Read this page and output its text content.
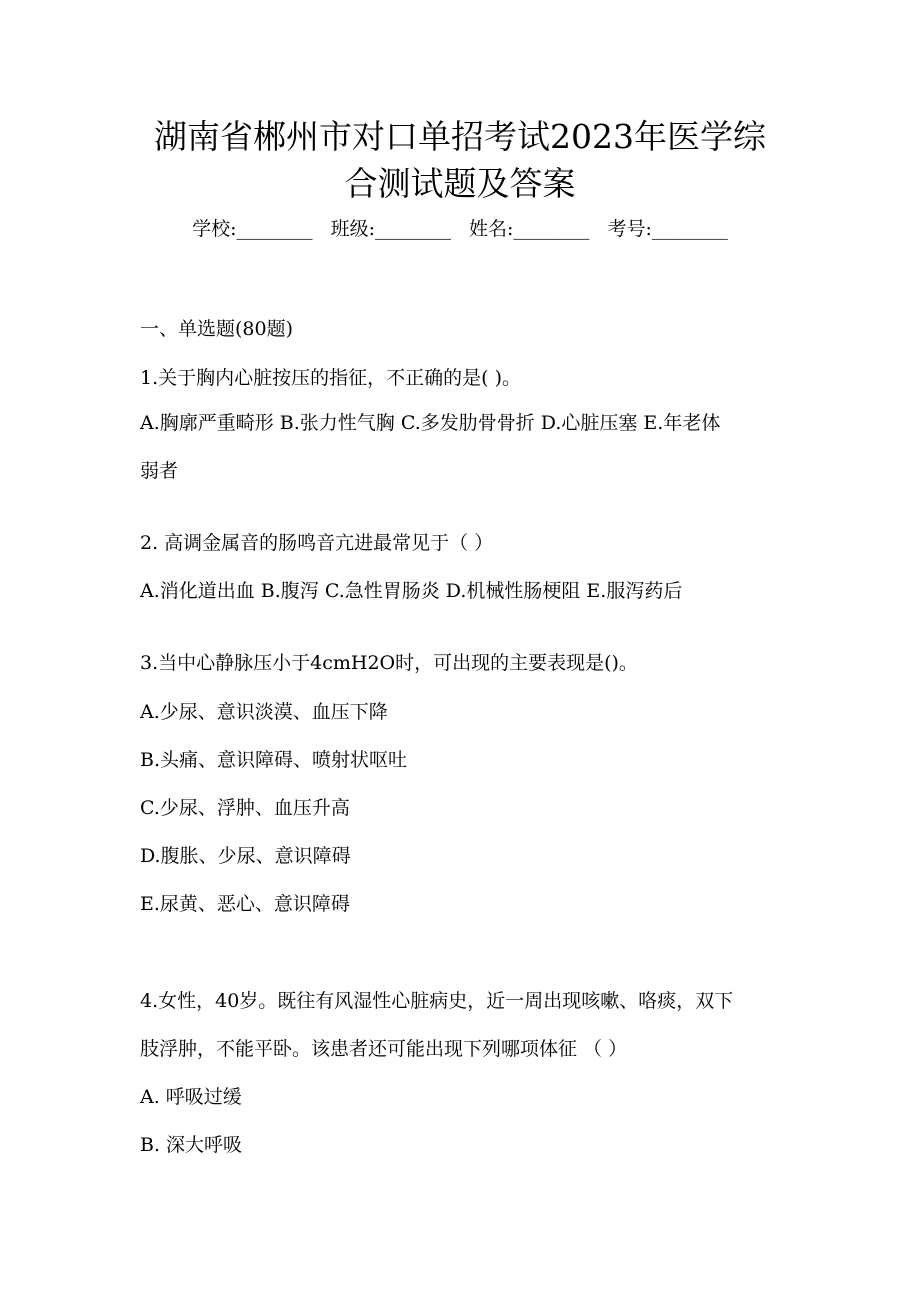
湖南省郴州市对口单招考试2023年医学综
合测试题及答案
学校:________ 班级:________ 姓名:________ 考号:________
一、单选题(80题)
1.关于胸内心脏按压的指征，不正确的是( )。
A.胸廓严重畸形 B.张力性气胸 C.多发肋骨骨折 D.心脏压塞 E.年老体
弱者
2. 高调金属音的肠鸣音亢进最常见于（ ）
A.消化道出血 B.腹泻 C.急性胃肠炎 D.机械性肠梗阻 E.服泻药后
3.当中心静脉压小于4cmH2O时，可出现的主要表现是()。
A.少尿、意识淡漠、血压下降
B.头痛、意识障碍、喷射状呕吐
C.少尿、浮肿、血压升高
D.腹胀、少尿、意识障碍
E.尿黄、恶心、意识障碍
4.女性，40岁。既往有风湿性心脏病史，近一周出现咳嗽、咯痰，双下
肢浮肿，不能平卧。该患者还可能出现下列哪项体征 （ ）
A. 呼吸过缓
B. 深大呼吸
